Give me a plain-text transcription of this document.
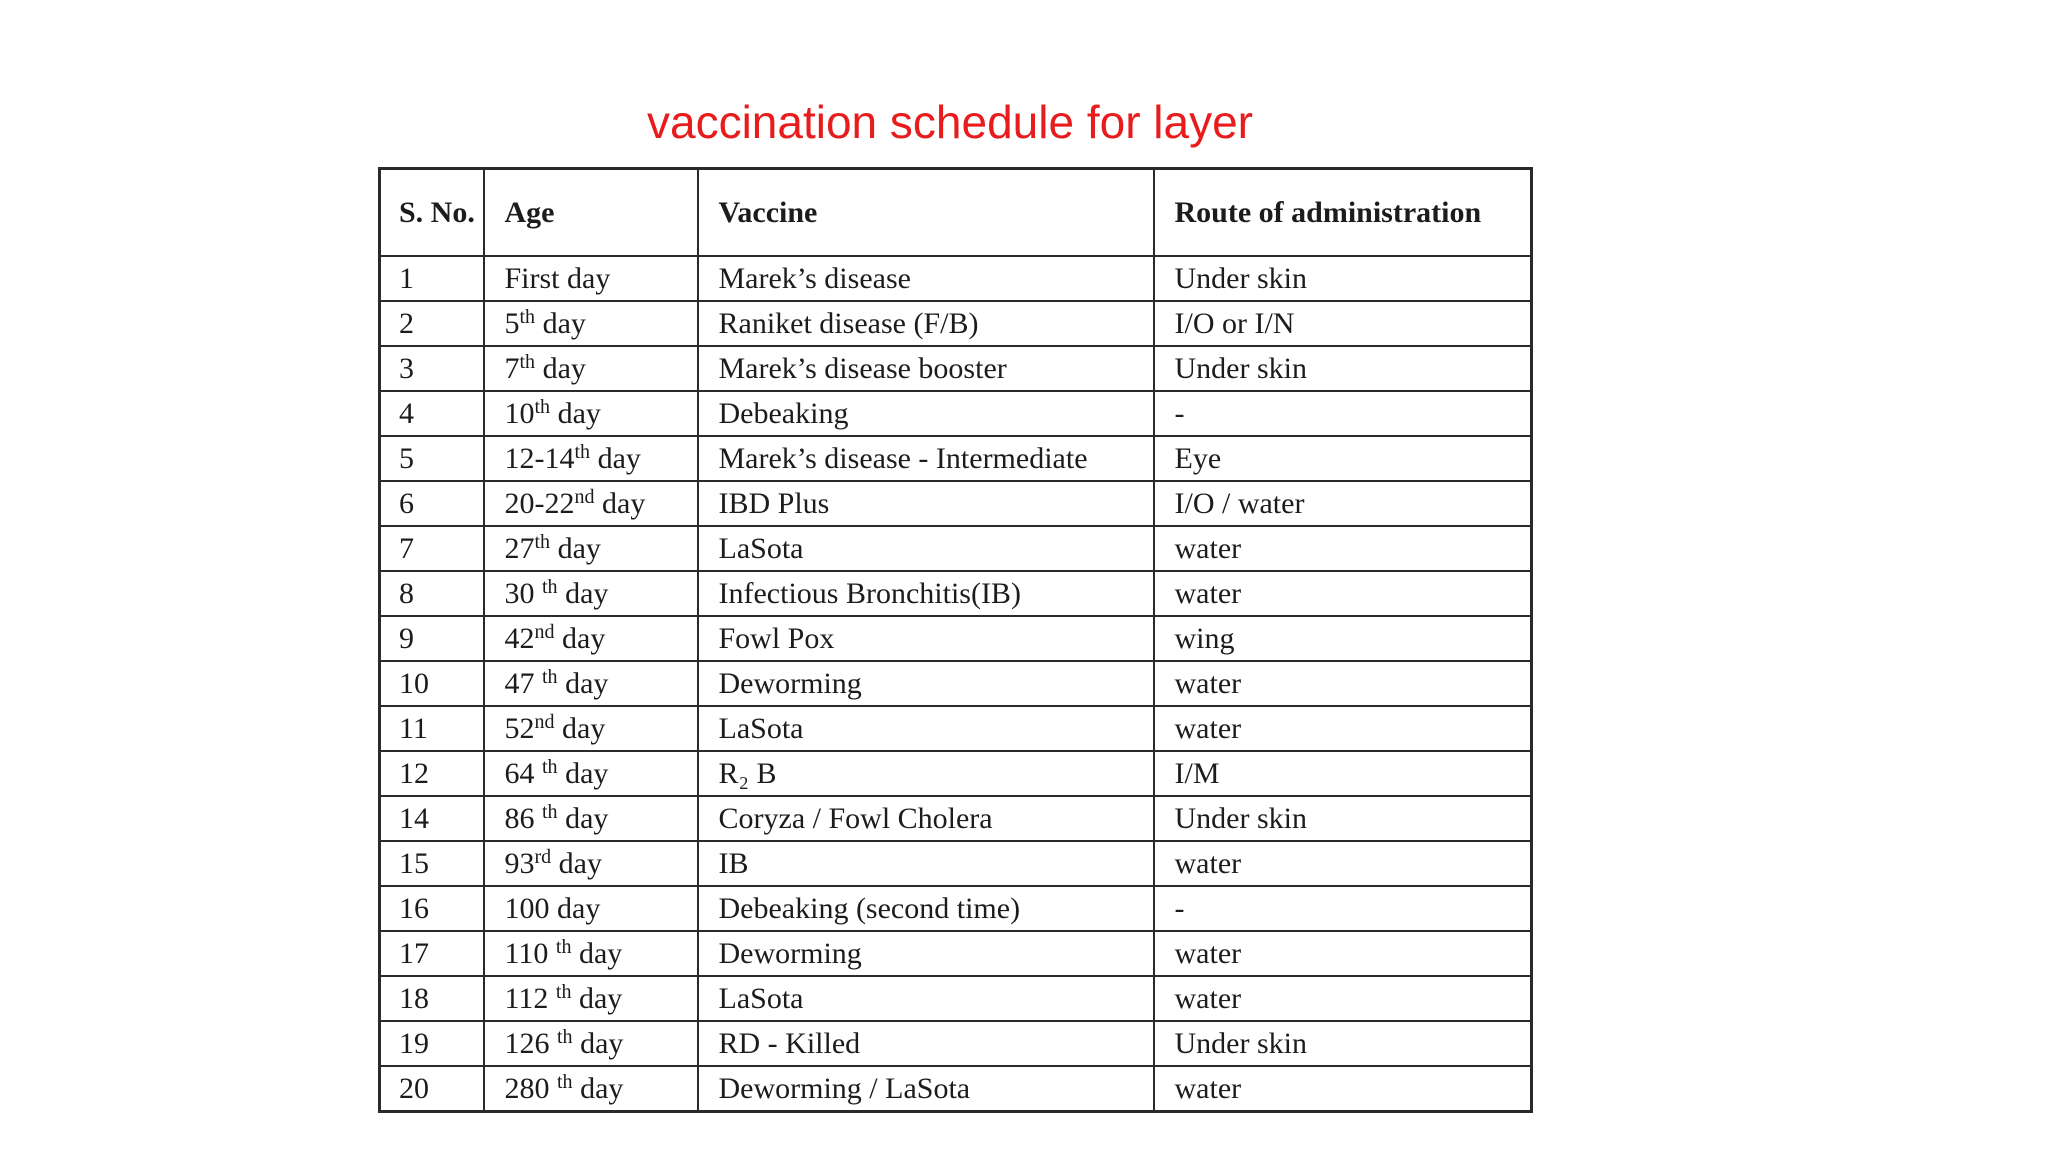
vaccination schedule for layer
S. No.	Age	Vaccine	Route of administration
1	First day	Marek’s disease	Under skin
2	5th day	Raniket disease (F/B)	I/O or I/N
3	7th day	Marek’s disease booster	Under skin
4	10th day	Debeaking	-
5	12-14th day	Marek’s disease - Intermediate	Eye
6	20-22nd day	IBD Plus	I/O / water
7	27th day	LaSota	water
8	30 $^{th}$ day	Infectious Bronchitis(IB)	water
9	42nd day	Fowl Pox	wing
10	47 $^{th}$ day	Deworming	water
11	52nd day	LaSota	water
12	64 $^{th}$ day	R₂ B	I/M
14	86 $^{th}$ day	Coryza / Fowl Cholera	Under skin
15	93rd day	IB	water
16	100 day	Debeaking (second time)	-
17	110 $^{th}$ day	Deworming	water
18	112 $^{th}$ day	LaSota	water
19	126 $^{th}$ day	RD - Killed	Under skin
20	280 $^{th}$ day	Deworming / LaSota	water
